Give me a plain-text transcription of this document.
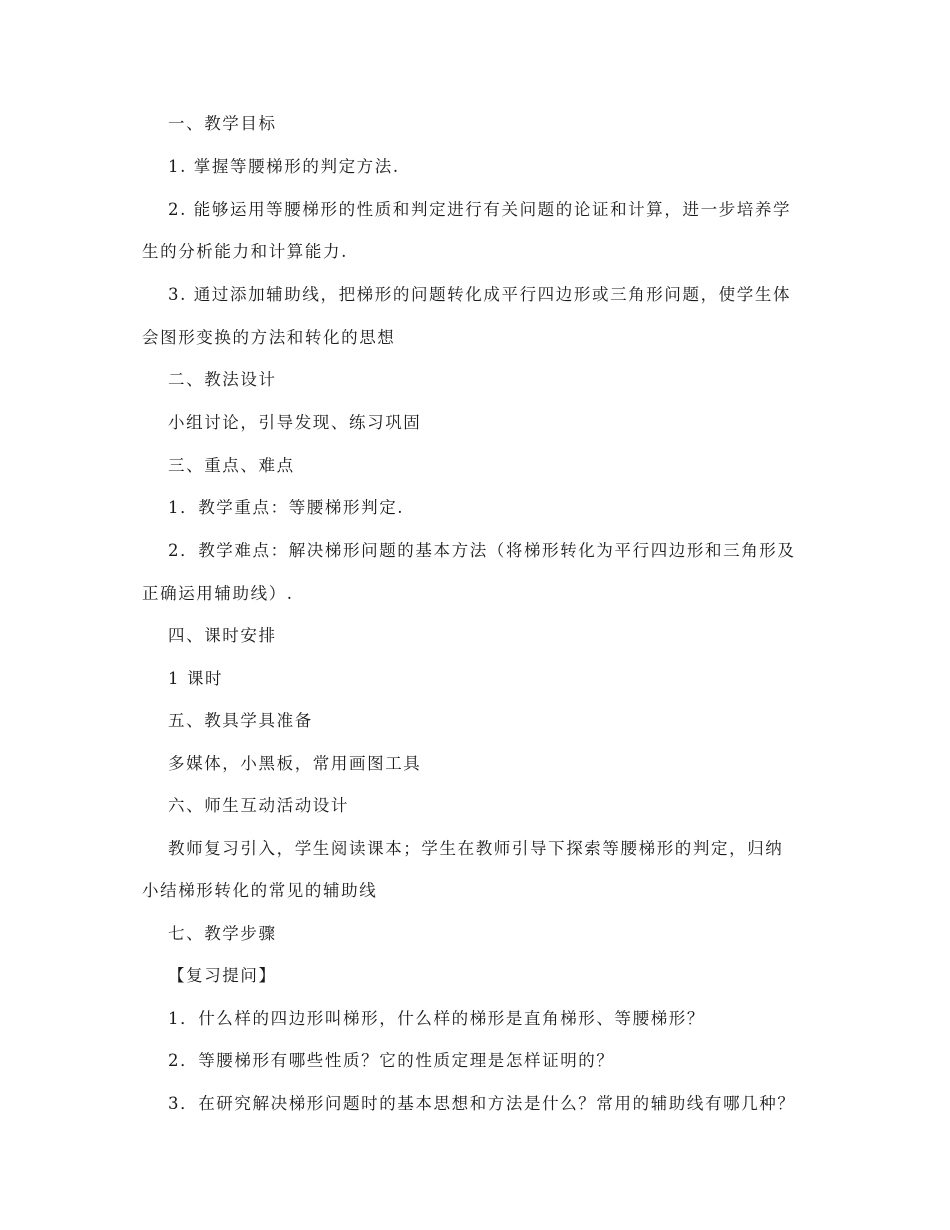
一、教学目标
1. 掌握等腰梯形的判定方法.
2. 能够运用等腰梯形的性质和判定进行有关问题的论证和计算，进一步培养学
生的分析能力和计算能力.
3. 通过添加辅助线，把梯形的问题转化成平行四边形或三角形问题，使学生体
会图形变换的方法和转化的思想
二、教法设计
小组讨论，引导发现、练习巩固
三、重点、难点
1．教学重点：等腰梯形判定.
2．教学难点：解决梯形问题的基本方法（将梯形转化为平行四边形和三角形及
正确运用辅助线）.
四、课时安排
1 课时
五、教具学具准备
多媒体，小黑板，常用画图工具
六、师生互动活动设计
教师复习引入，学生阅读课本；学生在教师引导下探索等腰梯形的判定，归纳
小结梯形转化的常见的辅助线
七、教学步骤
【复习提问】
1．什么样的四边形叫梯形，什么样的梯形是直角梯形、等腰梯形？
2．等腰梯形有哪些性质？它的性质定理是怎样证明的？
3．在研究解决梯形问题时的基本思想和方法是什么？常用的辅助线有哪几种？
